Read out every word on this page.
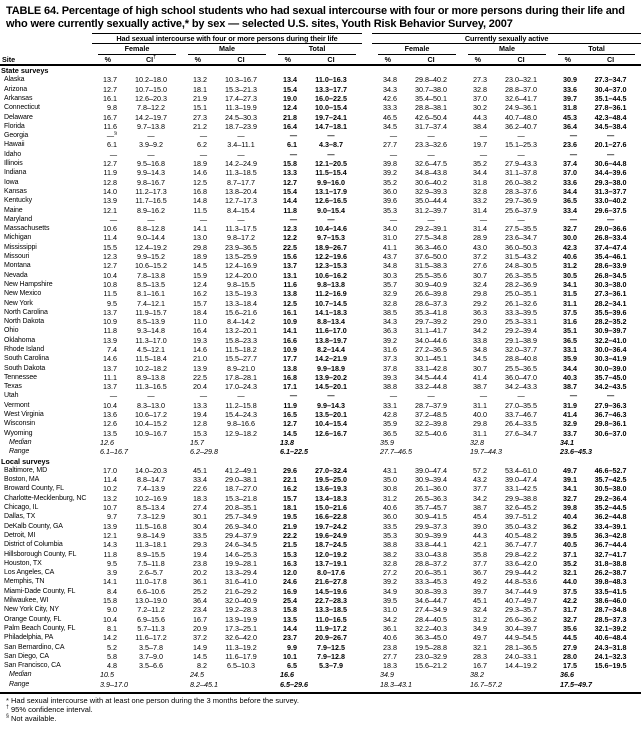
TABLE 64. Percentage of high school students who had sexual intercourse with four or more persons during their life and who were currently sexually active,* by sex — selected U.S. sites, Youth Risk Behavior Survey, 2007
	Had sexual intercourse with four or more persons during their life							Currently sexually active					

	Female		Male		Total			Female		Male		Total	

Site	%	CI†	%	CI	%	CI		%	CI	%	CI	%	CI
State surveys													
Alaska	13.7	10.2–18.0	13.2	10.3–16.7	13.4	11.0–16.3		34.8	29.8–40.2	27.3	23.0–32.1	30.9	27.3–34.7
Arizona	12.7	10.7–15.0	18.1	15.3–21.3	15.4	13.3–17.7		34.3	30.7–38.0	32.8	28.8–37.0	33.6	30.4–37.0
Arkansas	16.1	12.6–20.3	21.9	17.4–27.3	19.0	16.0–22.5		42.6	35.4–50.1	37.0	32.6–41.7	39.7	35.1–44.5
Connecticut	9.8	7.8–12.2	15.1	11.3–19.9	12.4	10.0–15.4		33.3	28.8–38.1	30.2	24.9–36.1	31.8	27.8–36.1
Delaware	16.7	14.2–19.7	27.3	24.5–30.3	21.8	19.7–24.1		46.5	42.6–50.4	44.3	40.7–48.0	45.3	42.3–48.4
Florida	11.6	9.7–13.8	21.2	18.7–23.9	16.4	14.7–18.1		34.5	31.7–37.4	38.4	36.2–40.7	36.4	34.5–38.4
Georgia	—§	—	—	—	—	—		—	—	—	—	—	—
Hawaii	6.1	3.9–9.2	6.2	3.4–11.1	6.1	4.3–8.7		27.7	23.3–32.6	19.7	15.1–25.3	23.6	20.1–27.6
Idaho	—	—	—	—	—	—		—	—	—	—	—	—
Illinois	12.7	9.5–16.8	18.9	14.2–24.9	15.8	12.1–20.5		39.8	32.6–47.5	35.2	27.9–43.3	37.4	30.6–44.8
Indiana	11.9	9.9–14.3	14.6	11.3–18.5	13.3	11.5–15.4		39.2	34.8–43.8	34.4	31.1–37.8	37.0	34.4–39.6
Iowa	12.8	9.8–16.7	12.5	8.7–17.7	12.7	9.9–16.0		35.2	30.6–40.2	31.8	26.0–38.2	33.6	29.3–38.0
Kansas	14.0	11.2–17.3	16.8	13.8–20.4	15.4	13.1–17.9		36.0	32.9–39.3	32.8	28.3–37.6	34.4	31.3–37.7
Kentucky	13.9	11.7–16.5	14.8	12.7–17.3	14.4	12.6–16.5		39.6	35.0–44.4	33.2	29.7–36.9	36.5	33.0–40.2
Maine	12.1	8.9–16.2	11.5	8.4–15.4	11.8	9.0–15.4		35.3	31.2–39.7	31.4	25.6–37.9	33.4	29.6–37.5
Maryland	—	—	—	—	—	—		—	—	—	—	—	—
Massachusetts	10.6	8.8–12.8	14.1	11.3–17.5	12.3	10.4–14.6		34.0	29.2–39.1	31.4	27.5–35.5	32.7	29.0–36.6
Michigan	11.4	9.0–14.4	13.0	9.8–17.2	12.2	9.7–15.3		31.0	27.5–34.8	28.9	23.6–34.7	30.0	26.8–33.4
Mississippi	15.5	12.4–19.2	29.8	23.9–36.5	22.5	18.9–26.7		41.1	36.3–46.0	43.0	36.0–50.3	42.3	37.4–47.4
Missouri	12.3	9.9–15.2	18.9	13.5–25.9	15.6	12.2–19.6		43.7	37.6–50.0	37.2	31.5–43.2	40.6	35.4–46.1
Montana	12.7	10.6–15.2	14.5	12.4–16.9	13.7	12.3–15.3		34.8	31.5–38.3	27.6	24.8–30.5	31.2	28.6–33.9
Nevada	10.4	7.8–13.8	15.9	12.4–20.0	13.1	10.6–16.2		30.3	25.5–35.6	30.7	26.3–35.5	30.5	26.8–34.5
New Hampshire	10.8	8.5–13.5	12.4	9.8–15.5	11.6	9.8–13.8		35.7	30.9–40.9	32.4	28.2–36.9	34.1	30.3–38.0
New Mexico	11.5	8.1–16.1	16.2	13.5–19.3	13.8	11.2–16.9		32.9	26.6–39.8	29.8	25.0–35.1	31.5	27.3–36.1
New York	9.5	7.4–12.1	15.7	13.3–18.4	12.5	10.7–14.5		32.8	28.6–37.3	29.2	26.1–32.6	31.1	28.2–34.1
North Carolina	13.7	11.9–15.7	18.4	15.6–21.6	16.1	14.1–18.3		38.5	35.3–41.8	36.3	33.3–39.5	37.5	35.5–39.6
North Dakota	10.9	8.5–13.9	11.0	8.4–14.2	10.9	8.8–13.4		34.3	29.7–39.2	29.0	25.3–33.1	31.6	28.2–35.2
Ohio	11.8	9.3–14.8	16.4	13.2–20.1	14.1	11.6–17.0		36.3	31.1–41.7	34.2	29.2–39.4	35.1	30.9–39.7
Oklahoma	13.9	11.3–17.0	19.3	15.8–23.3	16.6	13.8–19.7		39.2	34.0–44.6	33.8	29.1–38.9	36.5	32.2–41.0
Rhode Island	7.4	4.5–12.1	14.6	11.5–18.2	10.9	8.2–14.4		31.6	27.2–36.5	34.8	32.0–37.7	33.1	30.0–36.4
South Carolina	14.6	11.5–18.4	21.0	15.5–27.7	17.7	14.2–21.9		37.3	30.1–45.1	34.5	28.8–40.8	35.9	30.3–41.9
South Dakota	13.7	10.2–18.2	13.9	8.9–21.0	13.8	9.9–18.9		37.8	33.1–42.8	30.7	25.5–36.5	34.4	30.0–39.0
Tennessee	11.1	8.9–13.8	22.5	17.8–28.1	16.8	13.9–20.2		39.3	34.5–44.4	41.4	36.0–47.0	40.3	35.7–45.0
Texas	13.7	11.3–16.5	20.4	17.0–24.3	17.1	14.5–20.1		38.8	33.2–44.8	38.7	34.2–43.3	38.7	34.2–43.5
Utah	—	—	—	—	—	—		—	—	—	—	—	—
Vermont	10.4	8.3–13.0	13.3	11.2–15.8	11.9	9.9–14.3		33.1	28.7–37.9	31.1	27.0–35.5	31.9	27.9–36.3
West Virginia	13.6	10.6–17.2	19.4	15.4–24.3	16.5	13.5–20.1		42.8	37.2–48.5	40.0	33.7–46.7	41.4	36.7–46.3
Wisconsin	12.6	10.4–15.2	12.8	9.8–16.6	12.7	10.4–15.4		35.9	32.2–39.8	29.8	26.4–33.5	32.9	29.8–36.1
Wyoming	13.5	10.9–16.7	15.3	12.9–18.2	14.5	12.6–16.7		36.5	32.5–40.6	31.1	27.6–34.7	33.7	30.6–37.0
Median	12.6		15.7		13.8			35.9		32.8		34.1	
Range	6.1–16.7		6.2–29.8		6.1–22.5			27.7–46.5		19.7–44.3		23.6–45.3	
Local surveys													
Baltimore, MD	17.0	14.0–20.3	45.1	41.2–49.1	29.6	27.0–32.4		43.1	39.0–47.4	57.2	53.4–61.0	49.7	46.6–52.7
Boston, MA	11.4	8.8–14.7	33.4	29.0–38.1	22.1	19.5–25.0		35.0	30.9–39.4	43.2	39.0–47.4	39.1	35.7–42.5
Broward County, FL	10.2	7.4–13.9	22.6	18.7–27.0	16.2	13.6–19.3		30.8	26.1–36.0	37.7	33.1–42.5	34.1	30.5–38.0
Charlotte-Mecklenburg, NC	13.2	10.2–16.9	18.3	15.3–21.8	15.7	13.4–18.3		31.2	26.5–36.3	34.2	29.9–38.8	32.7	29.2–36.4
Chicago, IL	10.7	8.5–13.4	27.4	20.8–35.1	18.1	15.0–21.6		40.6	35.7–45.7	38.7	32.6–45.2	39.8	35.2–44.5
Dallas, TX	9.7	7.3–12.9	30.1	25.7–34.9	19.5	16.6–22.8		36.0	30.9–41.5	45.4	39.7–51.2	40.4	36.2–44.8
DeKalb County, GA	13.9	11.5–16.8	30.4	26.9–34.0	21.9	19.7–24.2		33.5	29.9–37.3	39.0	35.0–43.2	36.2	33.4–39.1
Detroit, MI	12.1	9.8–14.9	33.5	29.4–37.9	22.2	19.6–24.9		35.3	30.9–39.9	44.3	40.5–48.2	39.5	36.3–42.8
District of Columbia	14.3	11.3–18.1	29.3	24.6–34.5	21.5	18.7–24.5		38.8	33.8–44.1	42.1	36.7–47.7	40.5	36.7–44.4
Hillsborough County, FL	11.8	8.9–15.5	19.4	14.6–25.3	15.3	12.0–19.2		38.2	33.0–43.8	35.8	29.8–42.2	37.1	32.7–41.7
Houston, TX	9.5	7.5–11.8	23.8	19.9–28.1	16.3	13.7–19.1		32.8	28.8–37.2	37.7	33.6–42.0	35.2	31.8–38.8
Los Angeles, CA	3.9	2.6–5.7	20.2	13.3–29.4	12.0	8.0–17.6		27.2	20.6–35.1	36.7	29.9–44.2	32.1	26.2–38.7
Memphis, TN	14.1	11.0–17.8	36.1	31.6–41.0	24.6	21.6–27.8		39.2	33.3–45.3	49.2	44.8–53.6	44.0	39.8–48.3
Miami-Dade County, FL	8.4	6.6–10.6	25.2	21.6–29.2	16.9	14.5–19.6		34.9	30.8–39.3	39.7	34.7–44.9	37.5	33.5–41.5
Milwaukee, WI	15.8	13.0–19.0	36.4	32.0–40.9	25.4	22.7–28.3		39.5	34.6–44.7	45.1	40.7–49.7	42.2	38.6–46.0
New York City, NY	9.0	7.2–11.2	23.4	19.2–28.3	15.8	13.3–18.5		31.0	27.4–34.9	32.4	29.3–35.7	31.7	28.7–34.8
Orange County, FL	10.4	6.9–15.6	16.7	13.9–19.9	13.5	11.0–16.5		34.2	28.4–40.5	31.2	26.6–36.2	32.7	28.5–37.3
Palm Beach County, FL	8.1	5.7–11.3	20.9	17.3–25.1	14.4	11.9–17.2		36.1	32.2–40.3	34.9	30.4–39.7	35.6	32.1–39.2
Philadelphia, PA	14.2	11.6–17.2	37.2	32.6–42.0	23.7	20.9–26.7		40.6	36.3–45.0	49.7	44.9–54.5	44.5	40.6–48.4
San Bernardino, CA	5.2	3.5–7.8	14.9	11.3–19.2	9.9	7.9–12.5		23.8	19.5–28.8	32.1	28.1–36.5	27.9	24.3–31.8
San Diego, CA	5.8	3.7–9.0	14.5	11.6–17.9	10.1	7.9–12.8		27.7	23.0–32.9	28.3	24.0–33.1	28.0	24.1–32.3
San Francisco, CA	4.8	3.5–6.6	8.2	6.5–10.3	6.5	5.3–7.9		18.3	15.6–21.2	16.7	14.4–19.2	17.5	15.6–19.5
Median	10.5		24.5		16.6			34.9		38.2		36.6	
Range	3.9–17.0		8.2–45.1		6.5–29.6			18.3–43.1		16.7–57.2		17.5–49.7	
* Had sexual intercourse with at least one person during the 3 months before the survey.
† 95% confidence interval.
§ Not available.
